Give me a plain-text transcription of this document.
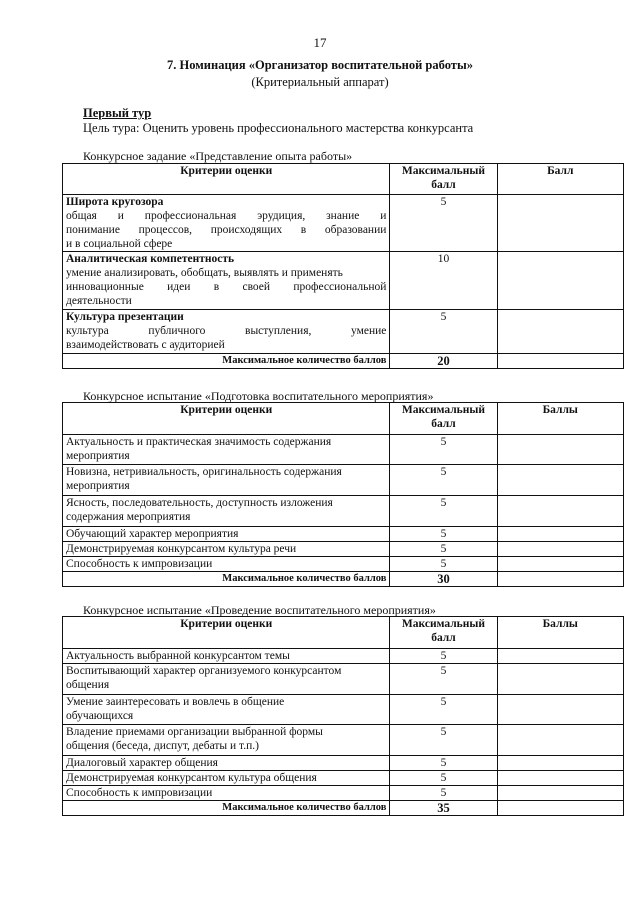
17
7. Номинация «Организатор воспитательной работы»
(Критериальный аппарат)
Первый тур
Цель тура: Оценить уровень профессионального мастерства конкурсанта
Конкурсное задание «Представление опыта работы»
Критерии оценки	Максимальный балл	Балл

Широта кругозора
общая и профессиональная эрудиция, знание и
понимание процессов, происходящих в образовании
и в социальной сфере	5	

Аналитическая компетентность
умение анализировать, обобщать, выявлять и применять
инновационные идеи в своей профессиональной
деятельности	10	

Культура презентации
культура публичного выступления, умение
взаимодействовать с аудиторией	5	
Максимальное количество баллов	20	
Конкурсное испытание «Подготовка воспитательного мероприятия»
Критерии оценки	Максимальный балл	Баллы

Актуальность и практическая значимость содержания
мероприятия	5	

Новизна, нетривиальность, оригинальность содержания
мероприятия	5	

Ясность, последовательность, доступность изложения
содержания мероприятия	5	
Обучающий характер мероприятия	5	
Демонстрируемая конкурсантом культура речи	5	
Способность к импровизации	5	
Максимальное количество баллов	30	
Конкурсное испытание «Проведение воспитательного мероприятия»
Критерии оценки	Максимальный балл	Баллы
Актуальность выбранной конкурсантом темы	5	

Воспитывающий характер организуемого конкурсантом
общения	5	

Умение заинтересовать и вовлечь в общение
обучающихся	5	

Владение приемами организации выбранной формы
общения (беседа, диспут, дебаты и т.п.)	5	
Диалоговый характер общения	5	
Демонстрируемая конкурсантом культура общения	5	
Способность к импровизации	5	
Максимальное количество баллов	35	
